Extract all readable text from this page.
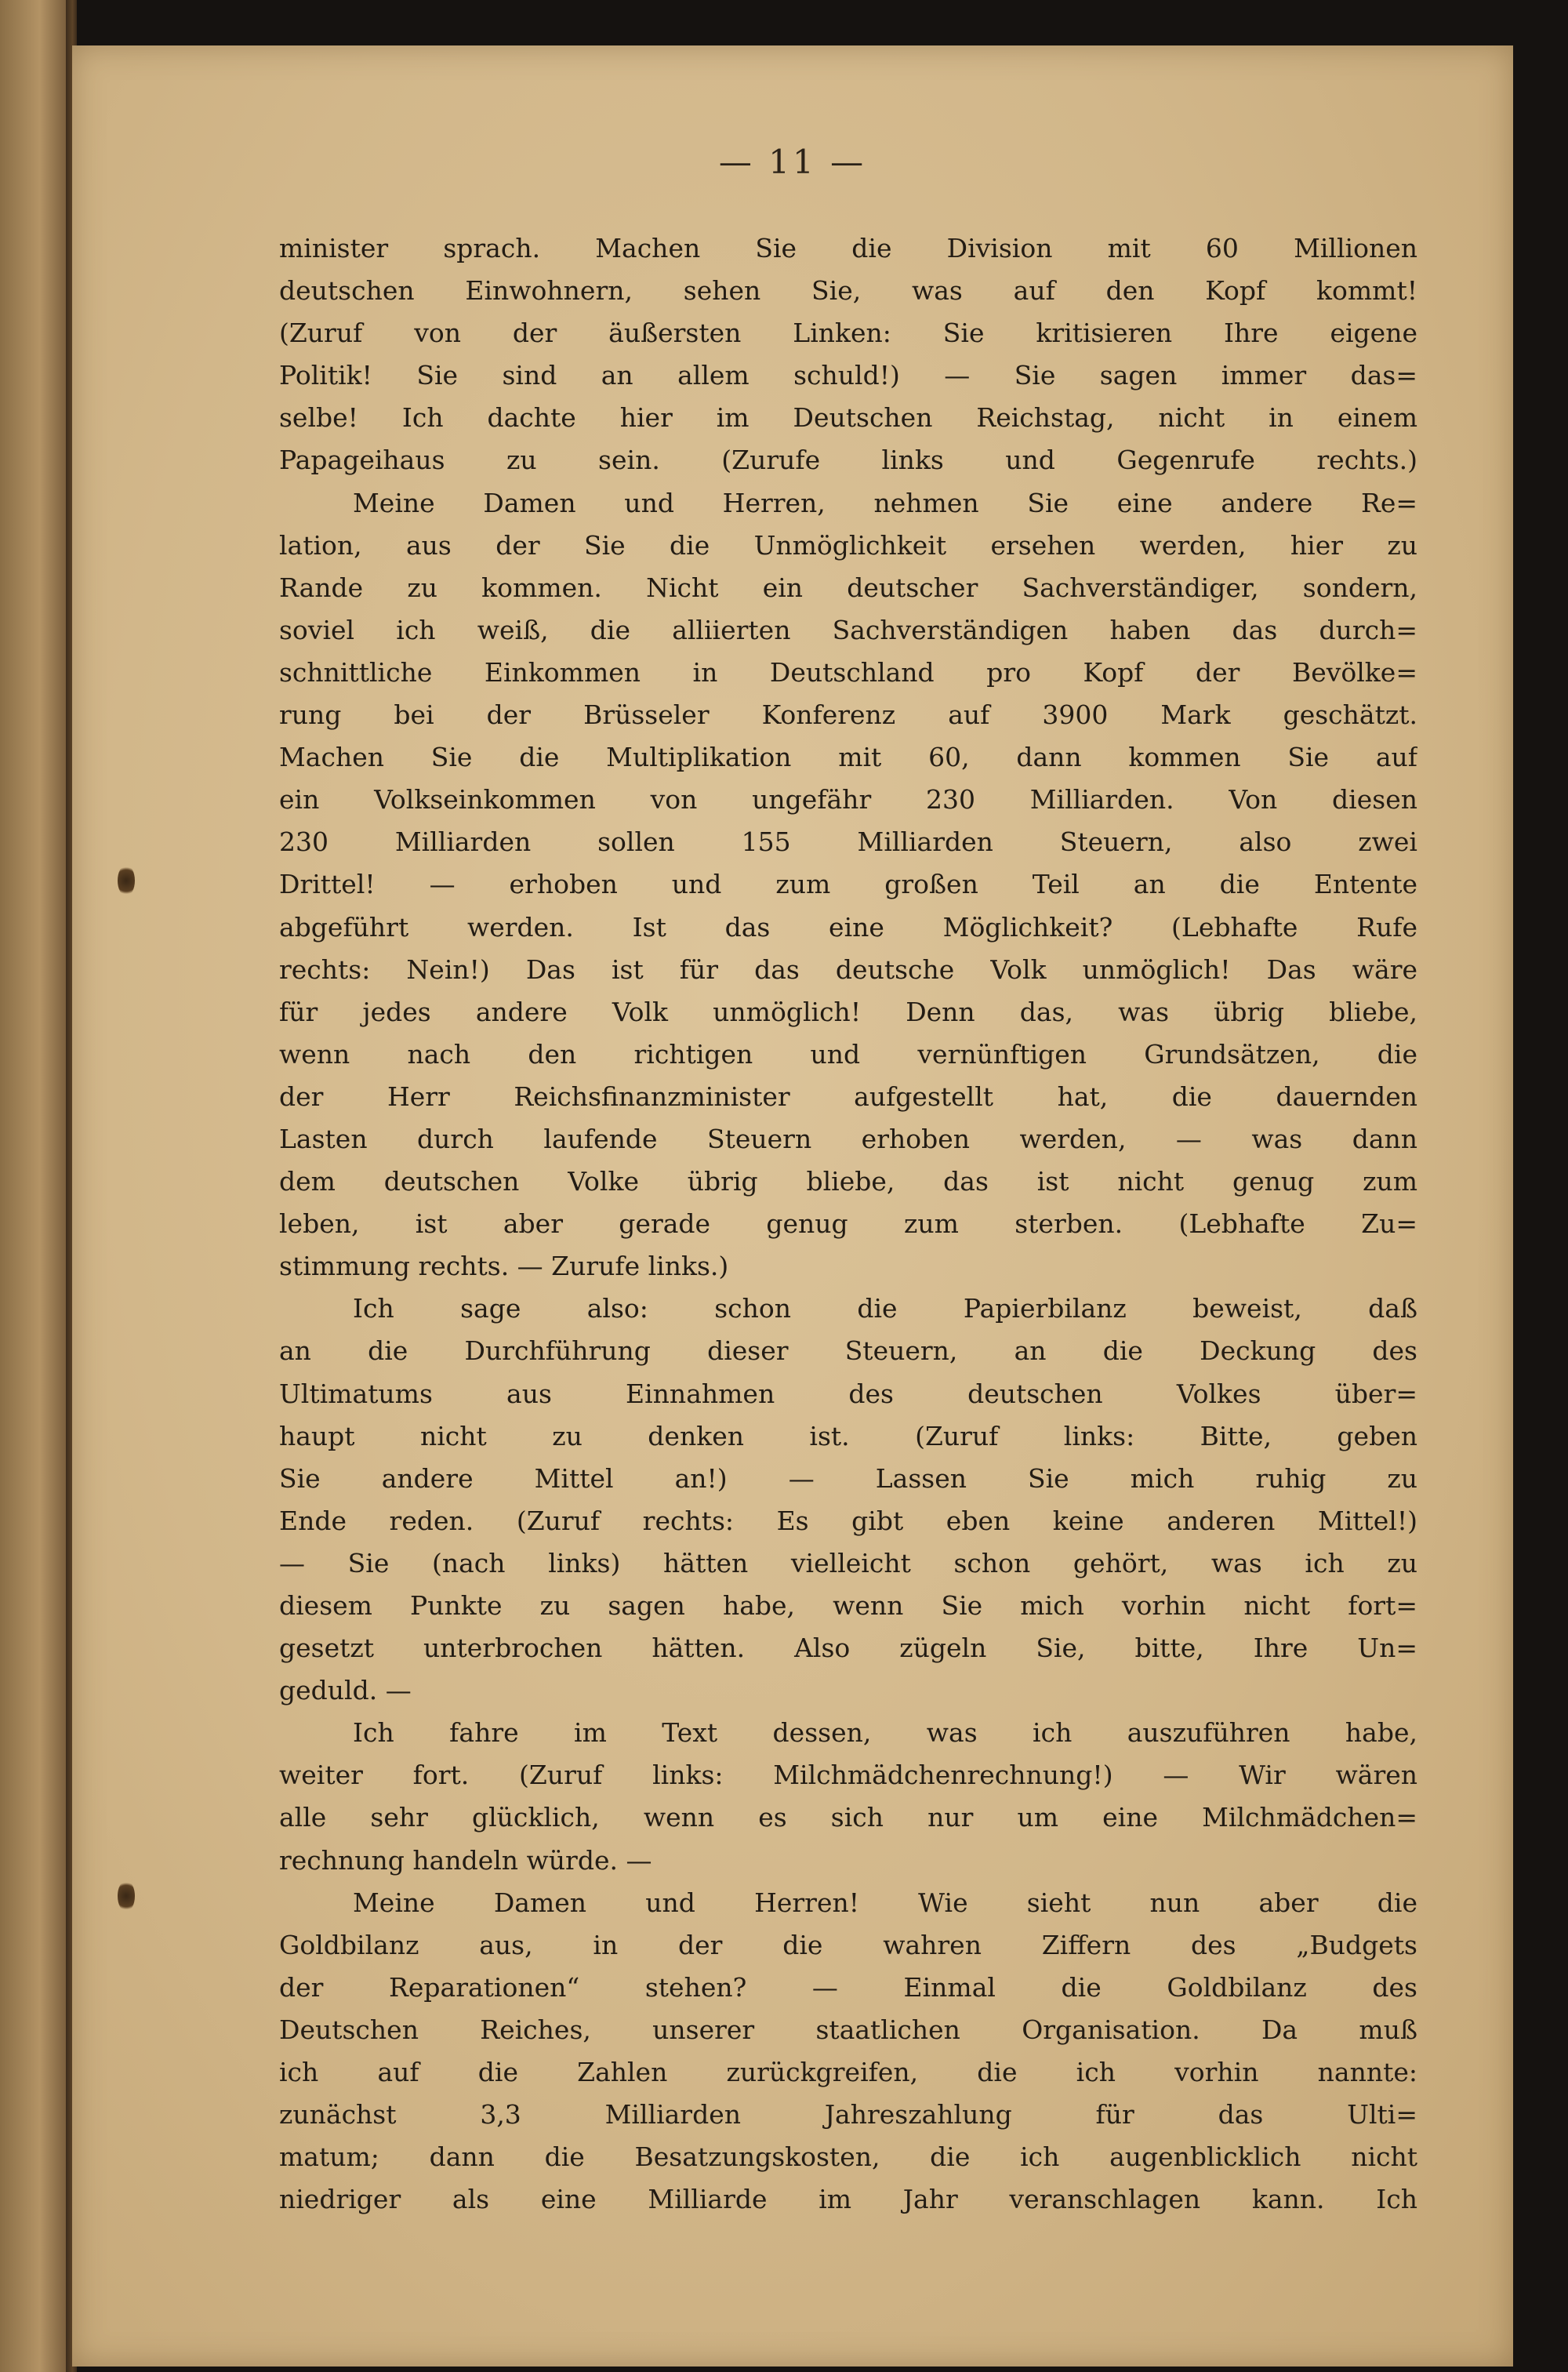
— 11 —
minister sprach. Machen Sie die Division mit 60 Millionen
deutschen Einwohnern, sehen Sie, was auf den Kopf kommt!
(Zuruf von der äußersten Linken: Sie kritisieren Ihre eigene
Politik! Sie sind an allem schuld!) — Sie sagen immer das=
selbe! Ich dachte hier im Deutschen Reichstag, nicht in einem
Papageihaus zu sein. (Zurufe links und Gegenrufe rechts.)
Meine Damen und Herren, nehmen Sie eine andere Re=
lation, aus der Sie die Unmöglichkeit ersehen werden, hier zu
Rande zu kommen. Nicht ein deutscher Sachverständiger, sondern,
soviel ich weiß, die alliierten Sachverständigen haben das durch=
schnittliche Einkommen in Deutschland pro Kopf der Bevölke=
rung bei der Brüsseler Konferenz auf 3900 Mark geschätzt.
Machen Sie die Multiplikation mit 60, dann kommen Sie auf
ein Volkseinkommen von ungefähr 230 Milliarden. Von diesen
230 Milliarden sollen 155 Milliarden Steuern, also zwei
Drittel! — erhoben und zum großen Teil an die Entente
abgeführt werden. Ist das eine Möglichkeit? (Lebhafte Rufe
rechts: Nein!) Das ist für das deutsche Volk unmöglich! Das wäre
für jedes andere Volk unmöglich! Denn das, was übrig bliebe,
wenn nach den richtigen und vernünftigen Grundsätzen, die
der Herr Reichsfinanzminister aufgestellt hat, die dauernden
Lasten durch laufende Steuern erhoben werden, — was dann
dem deutschen Volke übrig bliebe, das ist nicht genug zum
leben, ist aber gerade genug zum sterben. (Lebhafte Zu=
stimmung rechts. — Zurufe links.)
Ich sage also: schon die Papierbilanz beweist, daß
an die Durchführung dieser Steuern, an die Deckung des
Ultimatums aus Einnahmen des deutschen Volkes über=
haupt nicht zu denken ist. (Zuruf links: Bitte, geben
Sie andere Mittel an!) — Lassen Sie mich ruhig zu
Ende reden. (Zuruf rechts: Es gibt eben keine anderen Mittel!)
— Sie (nach links) hätten vielleicht schon gehört, was ich zu
diesem Punkte zu sagen habe, wenn Sie mich vorhin nicht fort=
gesetzt unterbrochen hätten. Also zügeln Sie, bitte, Ihre Un=
geduld. —
Ich fahre im Text dessen, was ich auszuführen habe,
weiter fort. (Zuruf links: Milchmädchenrechnung!) — Wir wären
alle sehr glücklich, wenn es sich nur um eine Milchmädchen=
rechnung handeln würde. —
Meine Damen und Herren! Wie sieht nun aber die
Goldbilanz aus, in der die wahren Ziffern des „Budgets
der Reparationen“ stehen? — Einmal die Goldbilanz des
Deutschen Reiches, unserer staatlichen Organisation. Da muß
ich auf die Zahlen zurückgreifen, die ich vorhin nannte:
zunächst 3,3 Milliarden Jahreszahlung für das Ulti=
matum; dann die Besatzungskosten, die ich augenblicklich nicht
niedriger als eine Milliarde im Jahr veranschlagen kann. Ich
